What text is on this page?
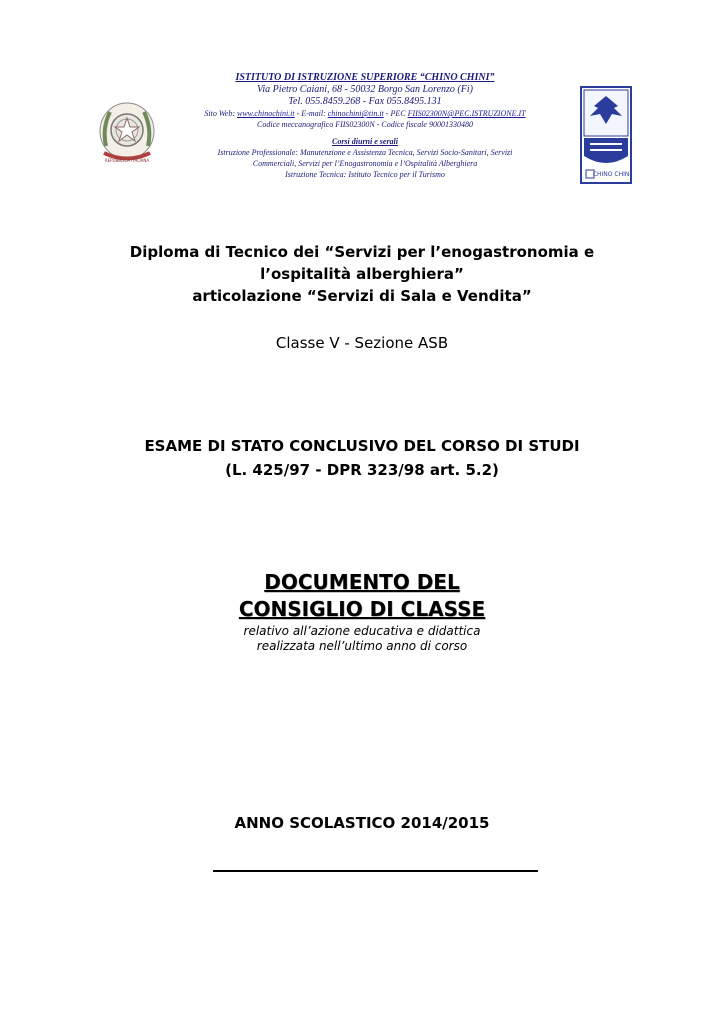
REPUBBLICA ITALIANA
CHINO CHINI
ISTITUTO DI ISTRUZIONE SUPERIORE “CHINO CHINI”
Via Pietro Caiani, 68 - 50032 Borgo San Lorenzo (Fi)
Tel. 055.8459.268 - Fax 055.8495.131
Sito Web: www.chinochini.it - E-mail: chinochini@tin.it - PEC FIIS02300N@PEC.ISTRUZIONE.IT
Codice meccanografico FIIS02300N - Codice fiscale 90001330480
Corsi diurni e serali
Istruzione Professionale: Manutenzione e Assistenza Tecnica, Servizi Socio-Sanitari, Servizi
Commerciali, Servizi per l’Enogastronomia e l’Ospitalità Alberghiera
Istruzione Tecnica: Istituto Tecnico per il Turismo
Diploma di Tecnico dei “Servizi per l’enogastronomia e
l’ospitalità alberghiera”
articolazione “Servizi di Sala e Vendita”
Classe V - Sezione ASB
ESAME DI STATO CONCLUSIVO DEL CORSO DI STUDI
(L. 425/97 - DPR 323/98 art. 5.2)
DOCUMENTO DEL
CONSIGLIO DI CLASSE
relativo all’azione educativa e didattica
realizzata nell’ultimo anno di corso
ANNO SCOLASTICO 2014/2015
